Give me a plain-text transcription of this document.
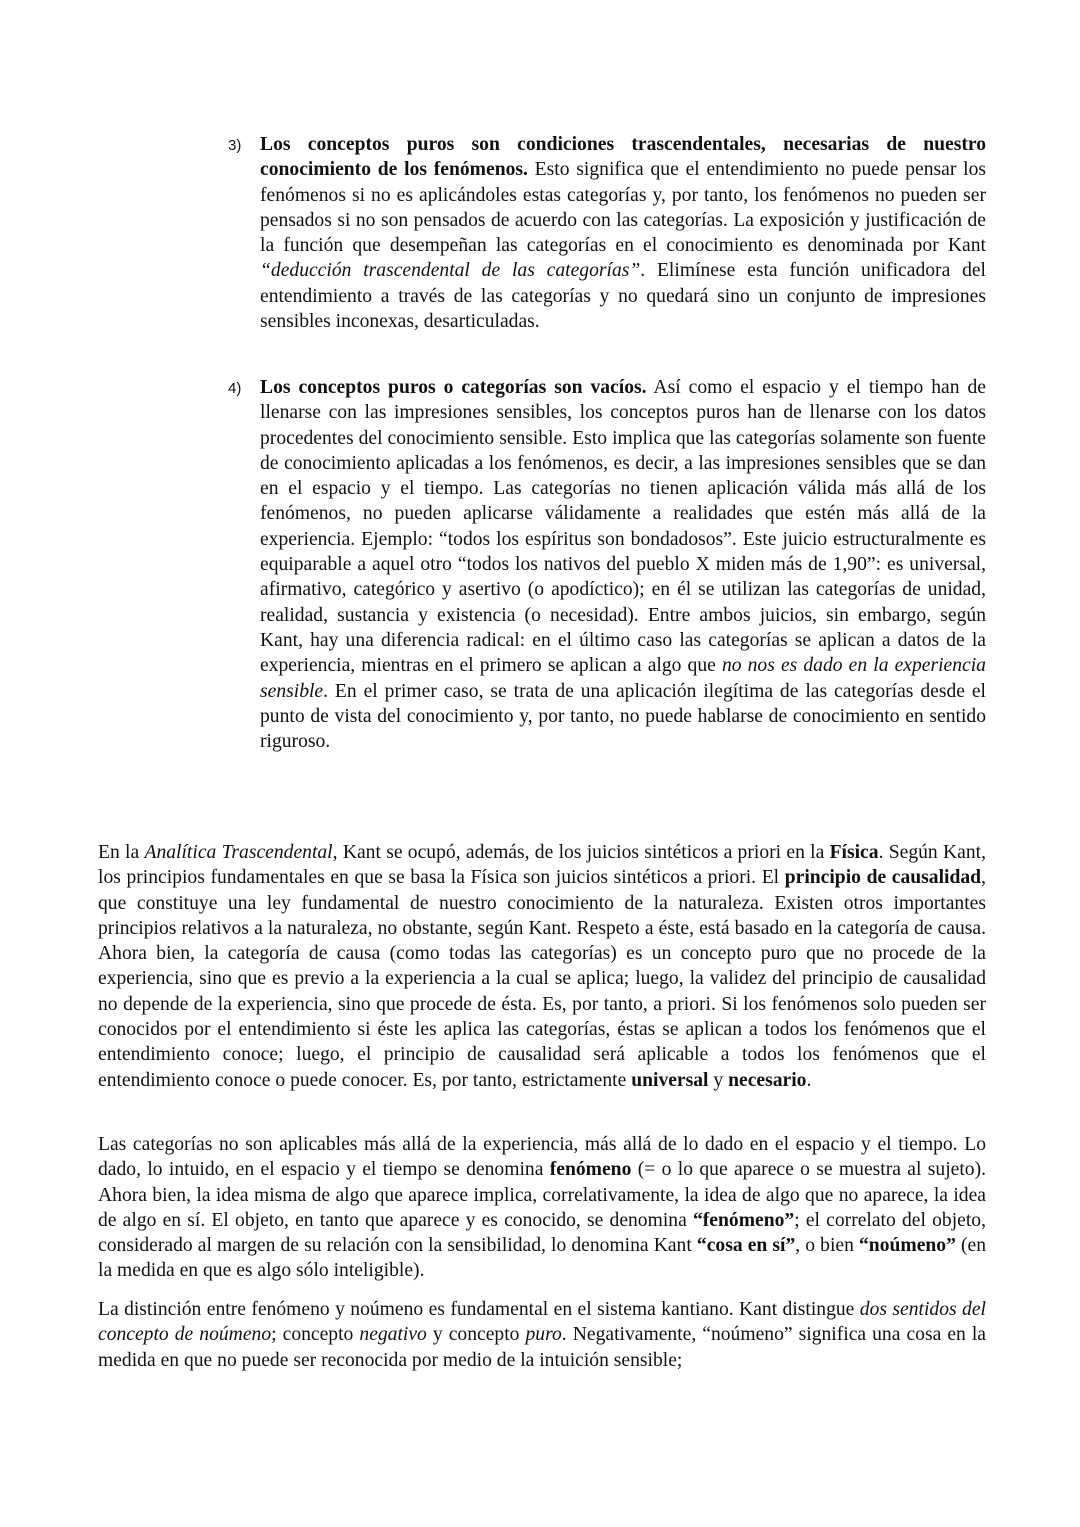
3) Los conceptos puros son condiciones trascendentales, necesarias de nuestro conocimiento de los fenómenos. Esto significa que el entendimiento no puede pensar los fenómenos si no es aplicándoles estas categorías y, por tanto, los fenómenos no pueden ser pensados si no son pensados de acuerdo con las categorías. La exposición y justificación de la función que desempeñan las categorías en el conocimiento es denominada por Kant “deducción trascendental de las categorías”. Elimínese esta función unificadora del entendimiento a través de las categorías y no quedará sino un conjunto de impresiones sensibles inconexas, desarticuladas.

4) Los conceptos puros o categorías son vacíos. Así como el espacio y el tiempo han de llenarse con las impresiones sensibles, los conceptos puros han de llenarse con los datos procedentes del conocimiento sensible. Esto implica que las categorías solamente son fuente de conocimiento aplicadas a los fenómenos, es decir, a las impresiones sensibles que se dan en el espacio y el tiempo. Las categorías no tienen aplicación válida más allá de los fenómenos, no pueden aplicarse válidamente a realidades que estén más allá de la experiencia. Ejemplo: “todos los espíritus son bondadosos”. Este juicio estructuralmente es equiparable a aquel otro “todos los nativos del pueblo X miden más de 1,90”: es universal, afirmativo, categórico y asertivo (o apodíctico); en él se utilizan las categorías de unidad, realidad, sustancia y existencia (o necesidad). Entre ambos juicios, sin embargo, según Kant, hay una diferencia radical: en el último caso las categorías se aplican a datos de la experiencia, mientras en el primero se aplican a algo que no nos es dado en la experiencia sensible. En el primer caso, se trata de una aplicación ilegítima de las categorías desde el punto de vista del conocimiento y, por tanto, no puede hablarse de conocimiento en sentido riguroso.

En la Analítica Trascendental, Kant se ocupó, además, de los juicios sintéticos a priori en la Física. Según Kant, los principios fundamentales en que se basa la Física son juicios sintéticos a priori. El principio de causalidad, que constituye una ley fundamental de nuestro conocimiento de la naturaleza. Existen otros importantes principios relativos a la naturaleza, no obstante, según Kant. Respeto a éste, está basado en la categoría de causa. Ahora bien, la categoría de causa (como todas las categorías) es un concepto puro que no procede de la experiencia, sino que es previo a la experiencia a la cual se aplica; luego, la validez del principio de causalidad no depende de la experiencia, sino que procede de ésta. Es, por tanto, a priori. Si los fenómenos solo pueden ser conocidos por el entendimiento si éste les aplica las categorías, éstas se aplican a todos los fenómenos que el entendimiento conoce; luego, el principio de causalidad será aplicable a todos los fenómenos que el entendimiento conoce o puede conocer. Es, por tanto, estrictamente universal y necesario.

Las categorías no son aplicables más allá de la experiencia, más allá de lo dado en el espacio y el tiempo. Lo dado, lo intuido, en el espacio y el tiempo se denomina fenómeno (= o lo que aparece o se muestra al sujeto). Ahora bien, la idea misma de algo que aparece implica, correlativamente, la idea de algo que no aparece, la idea de algo en sí. El objeto, en tanto que aparece y es conocido, se denomina “fenómeno”; el correlato del objeto, considerado al margen de su relación con la sensibilidad, lo denomina Kant “cosa en sí”, o bien “noúmeno” (en la medida en que es algo sólo inteligible).

La distinción entre fenómeno y noúmeno es fundamental en el sistema kantiano. Kant distingue dos sentidos del concepto de noúmeno; concepto negativo y concepto puro. Negativamente, “noúmeno” significa una cosa en la medida en que no puede ser reconocida por medio de la intuición sensible;
